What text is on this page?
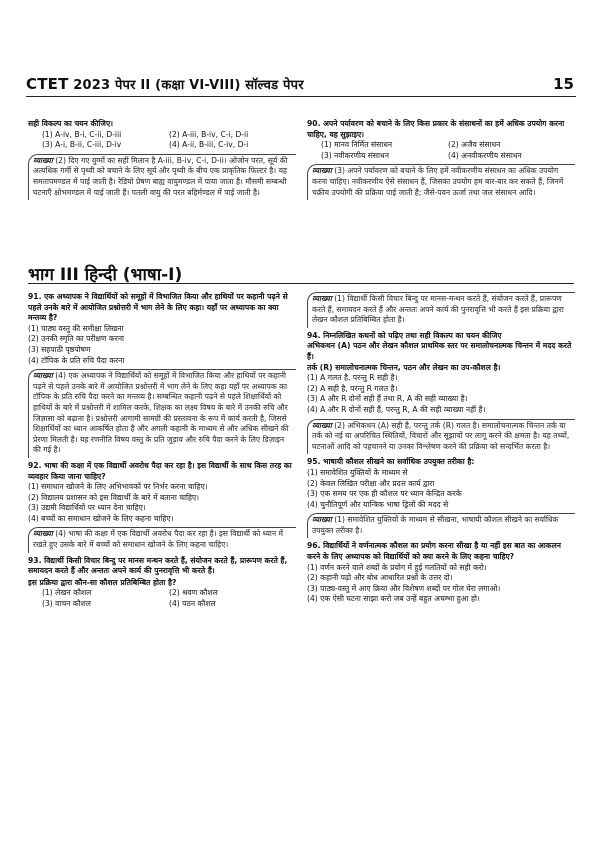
CTET 2023 पेपर II (कक्षा VI-VIII) सॉल्वड पेपर	15

सही विकल्प का चयन कीजिए।

(1) A-iv, B-i, C-ii, D-iii	(2) A-iii, B-iv, C-i, D-ii
(3) A-i, B-ii, C-iii, D-iv	(4) A-ii, B-iii, C-iv, D-i
व्याख्या (2) दिए गए युग्मों का सही मिलान है A-iii, B-iv, C-i, D-ii। ओजोन परत, सूर्य की अत्यधिक गर्मी से पृथ्वी को बचाने के लिए सूर्य और पृथ्वी के बीच एक प्राकृतिक फिल्टर है। यह समतापमण्डल में पाई जाती है। रेडियो प्रेषण बाह्य वायुमण्डल में पाया जाता है। मौसमी सम्बन्धी घटनाएँ क्षोभमण्डल में पाई जाती हैं। पतली वायु की परत बहिर्मण्डल में पाई जाती है।

90. अपने पर्यावरण को बचाने के लिए किस प्रकार के संसाधनों का हमें अधिक उपयोग करना चाहिए, वह सुझाइए।

(1) मानव निर्मित संसाधन	(2) अजैव संसाधन
(3) नवीकरणीय संसाधन	(4) अनवीकरणीय संसाधन
व्याख्या (3) अपने पर्यावरण को बचाने के लिए हमें नवीकरणीय संसाधन का अधिक उपयोग करना चाहिए। नवीकरणीय ऐसे संसाधन हैं, जिसका उपयोग हम बार-बार कर सकते हैं, जिनमें चक्रीय उपयोगी की प्रक्रिया पाई जाती है; जैसे-पवन ऊर्जा तथा जल संसाधन आदि।
भाग III हिन्दी (भाषा-I)

91. एक अध्यापक ने विद्यार्थियों को समूहों में विभाजित किया और हाथियों पर कहानी पढ़ने से पहले उनके बारे में आयोजित प्रश्नोत्तरी में भाग लेने के लिए कहा। यहाँ पर अध्यापक का क्या मन्तव्य है?

(1) पाठ्य वस्तु की समीक्षा लिखना

(2) उनकी स्मृति का परीक्षण करना

(3) सहपाठी पृष्ठपोषण

(4) टॉपिक के प्रति रुचि पैदा करना

व्याख्या (4) एक अध्यापक ने विद्यार्थियों को समूहों में विभाजित किया और हाथियों पर कहानी पढ़ने से पहले उनके बारे में आयोजित प्रश्नोत्तरी में भाग लेने के लिए कहा यहाँ पर अध्यापक का टॉपिक के प्रति रुचि पैदा करने का मन्तव्य है। सम्बन्धित कहानी पढ़ने से पहले शिक्षार्थियों को हाथियों के बारे में प्रश्नोत्तरी में शामिल करके, शिक्षक का लक्ष्य विषय के बारे में उनकी रुचि और जिज्ञासा को बढ़ाना है। प्रश्नोत्तरी आगामी सामग्री की प्रस्तावना के रूप में कार्य करती है, जिससे शिक्षार्थियों का ध्यान आकर्षित होता है और अगली कहानी के माध्यम से और अधिक सीखने की प्रेरणा मिलती है। यह रणनीति विषय वस्तु के प्रति जुड़ाव और रुचि पैदा करने के लिए डिज़ाइन की गई है।

92. भाषा की कक्षा में एक विद्यार्थी अवरोध पैदा कर रहा है। इस विद्यार्थी के साथ किस तरह का व्यवहार किया जाना चाहिए?

(1) समाधान खोजने के लिए अभिभावकों पर निर्भर करना चाहिए।

(2) विद्यालय प्रशासन को इस विद्यार्थी के बारे में बताना चाहिए।

(3) उद्यमी विद्यार्थियों पर ध्यान देना चाहिए।

(4) बच्चों का समाधान खोजने के लिए कहना चाहिए।

व्याख्या (4) भाषा की कक्षा में एक विद्यार्थी अवरोध पैदा कर रहा है। इस विद्यार्थी को ध्यान में रखते हुए उसके बारे में बच्चों को समाधान खोजने के लिए कहना चाहिए।

93. विद्यार्थी किसी विचार बिन्दु पर मानस मन्थन करते हैं, संयोजन करते हैं, प्रारूपण करते हैं, समायदन करते हैं और अन्ततः अपने कार्य की पुनरावृत्ति भी करते हैं।

इस प्रक्रिया द्वारा कौन-सा कौशल प्रतिबिम्बित होता है?

(1) लेखन कौशल	(2) श्रवण कौशल
(3) वाचन कौशल	(4) पठन कौशल
व्याख्या (1) विद्यार्थी किसी विचार बिन्दु पर मानस-मन्थन करते हैं, संयोजन करते हैं, प्रारूपण करते हैं, समायदन करते हैं और अन्ततः अपने कार्य की पुनरावृत्ति भी करते हैं इस प्रक्रिया द्वारा लेखन कौशल प्रतिबिम्बित होता है।

94. निम्नलिखित कथनों को पढ़िए तथा सही विकल्प का चयन कीजिए

अभिकथन (A) पठन और लेखन कौशल प्राथमिक स्तर पर समालोचनात्मक चिन्तन में मदद करते हैं।

तर्क (R) समालोचनात्मक चिन्तन, पठन और लेखन का उप-कौशल है।

(1) A गलत है, परन्तु R सही है।

(2) A सही है, परन्तु R गलत है।

(3) A और R दोनों सही हैं तथा R, A की सही व्याख्या है।

(4) A और R दोनों सही हैं, परन्तु R, A की सही व्याख्या नहीं है।

व्याख्या (2) अभिकथन (A) सही है, परन्तु तर्क (R) गलत है। समालोचनात्मक चिन्तन तर्क या तर्क को नई या अपरिचित स्थितियों, विचारों और सूझावों पर लागू करने की क्षमता है। यह तथ्यों, घटनाओं आदि को पहचानने या उनका विश्लेषण करने की प्रक्रिया को सन्दर्भित करता है।

95. भाषायी कौशल सीखने का सर्वाधिक उपयुक्त तरीका है:

(1) समावेशित युक्तियों के माध्यम से

(2) केवल लिखित परीक्षा और प्रदत्त कार्य द्वारा

(3) एक समय पर एक ही कौशल पर ध्यान केन्द्रित करके

(4) चुनौतिपूर्ण और यान्त्रिक भाषा ड्रिलों की मदद से

व्याख्या (1) समावेशित युक्तियों के माध्यम से सीखना, भाषायी कौशल सीखने का सर्वाधिक उपयुक्त तरीका है।

96. विद्यार्थियों ने वर्णनात्मक कौशल का प्रयोग करना सीखा है या नहीं इस बात का आकलन करने के लिए अध्यापक को विद्यार्थियों को क्या करने के लिए कहना चाहिए?

(1) वर्णन करने वाले शब्दों के प्रयोग में हुई गलतियों को सही करो।

(2) कहानी पढ़ो और बोध आधारित प्रश्नों के उत्तर दो।

(3) पाठ्य-वस्तु में आए क्रिया और विशेषण शब्दों पर गोल घेरा लगाओ।

(4) एक ऐसी घटना साझा करो जब उन्हें बहुत अचम्भा हुआ हो।
